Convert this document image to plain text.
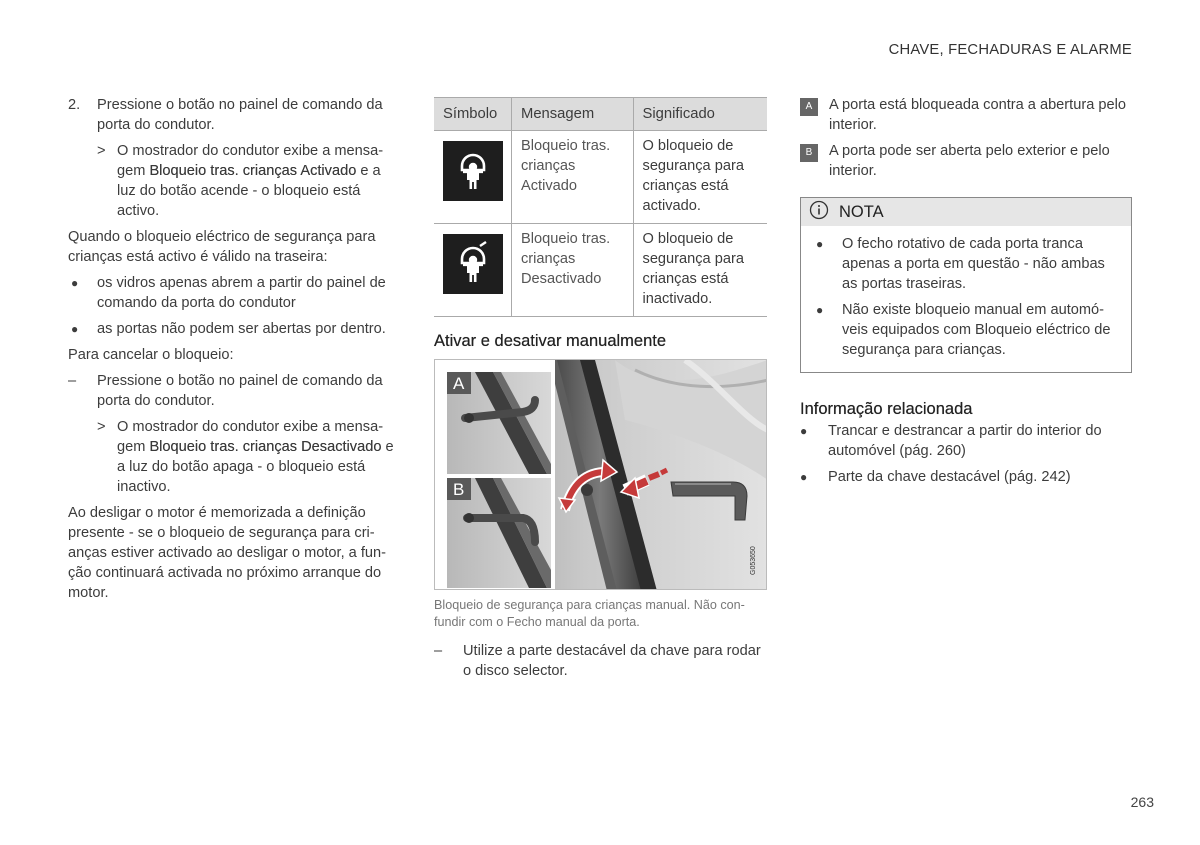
CHAVE, FECHADURAS E ALARME
2. Pressione o botão no painel de comando da porta do condutor.
> O mostrador do condutor exibe a mensa-gem Bloqueio tras. crianças Activado e a luz do botão acende - o bloqueio está activo.

Quando o bloqueio eléctrico de segurança para crianças está activo é válido na traseira:

● os vidros apenas abrem a partir do painel de comando da porta do condutor
● as portas não podem ser abertas por dentro.

Para cancelar o bloqueio:

– Pressione o botão no painel de comando da porta do condutor.
> O mostrador do condutor exibe a mensa-gem Bloqueio tras. crianças Desactivado e a luz do botão apaga - o bloqueio está inactivo.

Ao desligar o motor é memorizada a definição presente - se o bloqueio de segurança para cri-anças estiver activado ao desligar o motor, a fun-ção continuará activada no próximo arranque do motor.

Símbolo	Mensagem	Significado

	Bloqueio tras. crianças Activado	O bloqueio de segurança para crianças está activado.

	Bloqueio tras. crianças Desactivado	O bloqueio de segurança para crianças está inactivado.
Ativar e desativar manualmente
A
B
G053650
Bloqueio de segurança para crianças manual. Não con-fundir com o Fecho manual da porta.
– Utilize a parte destacável da chave para rodar o disco selector.
A	A porta está bloqueada contra a abertura pelo interior.
B	A porta pode ser aberta pelo exterior e pelo interior.
NOTA
● O fecho rotativo de cada porta tranca apenas a porta em questão - não ambas as portas traseiras.
● Não existe bloqueio manual em automó-veis equipados com Bloqueio eléctrico de segurança para crianças.
Informação relacionada
● Trancar e destrancar a partir do interior do automóvel (pág. 260)
● Parte da chave destacável (pág. 242)
263
